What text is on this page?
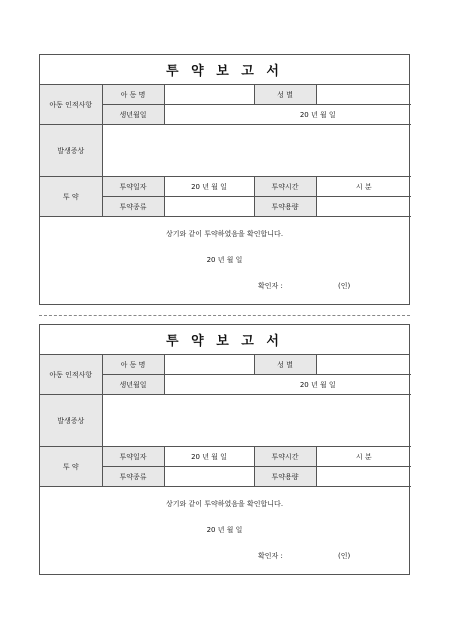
투 약 보 고 서
아동 인적사항	아 동 명		성 별	
	생년월일	20 년 월 일		
발생증상				
투 약	투약일자	20 년 월 일	투약시간	시 분
	투약종류		투약용량	
상기와 같이 투약하였음을 확인합니다.
20 년 월 일
확인자 :	(인)
투 약 보 고 서
아동 인적사항	아 동 명		성 별	
	생년월일	20 년 월 일		
발생증상				
투 약	투약일자	20 년 월 일	투약시간	시 분
	투약종류		투약용량	
상기와 같이 투약하였음을 확인합니다.
20 년 월 일
확인자 :	(인)
